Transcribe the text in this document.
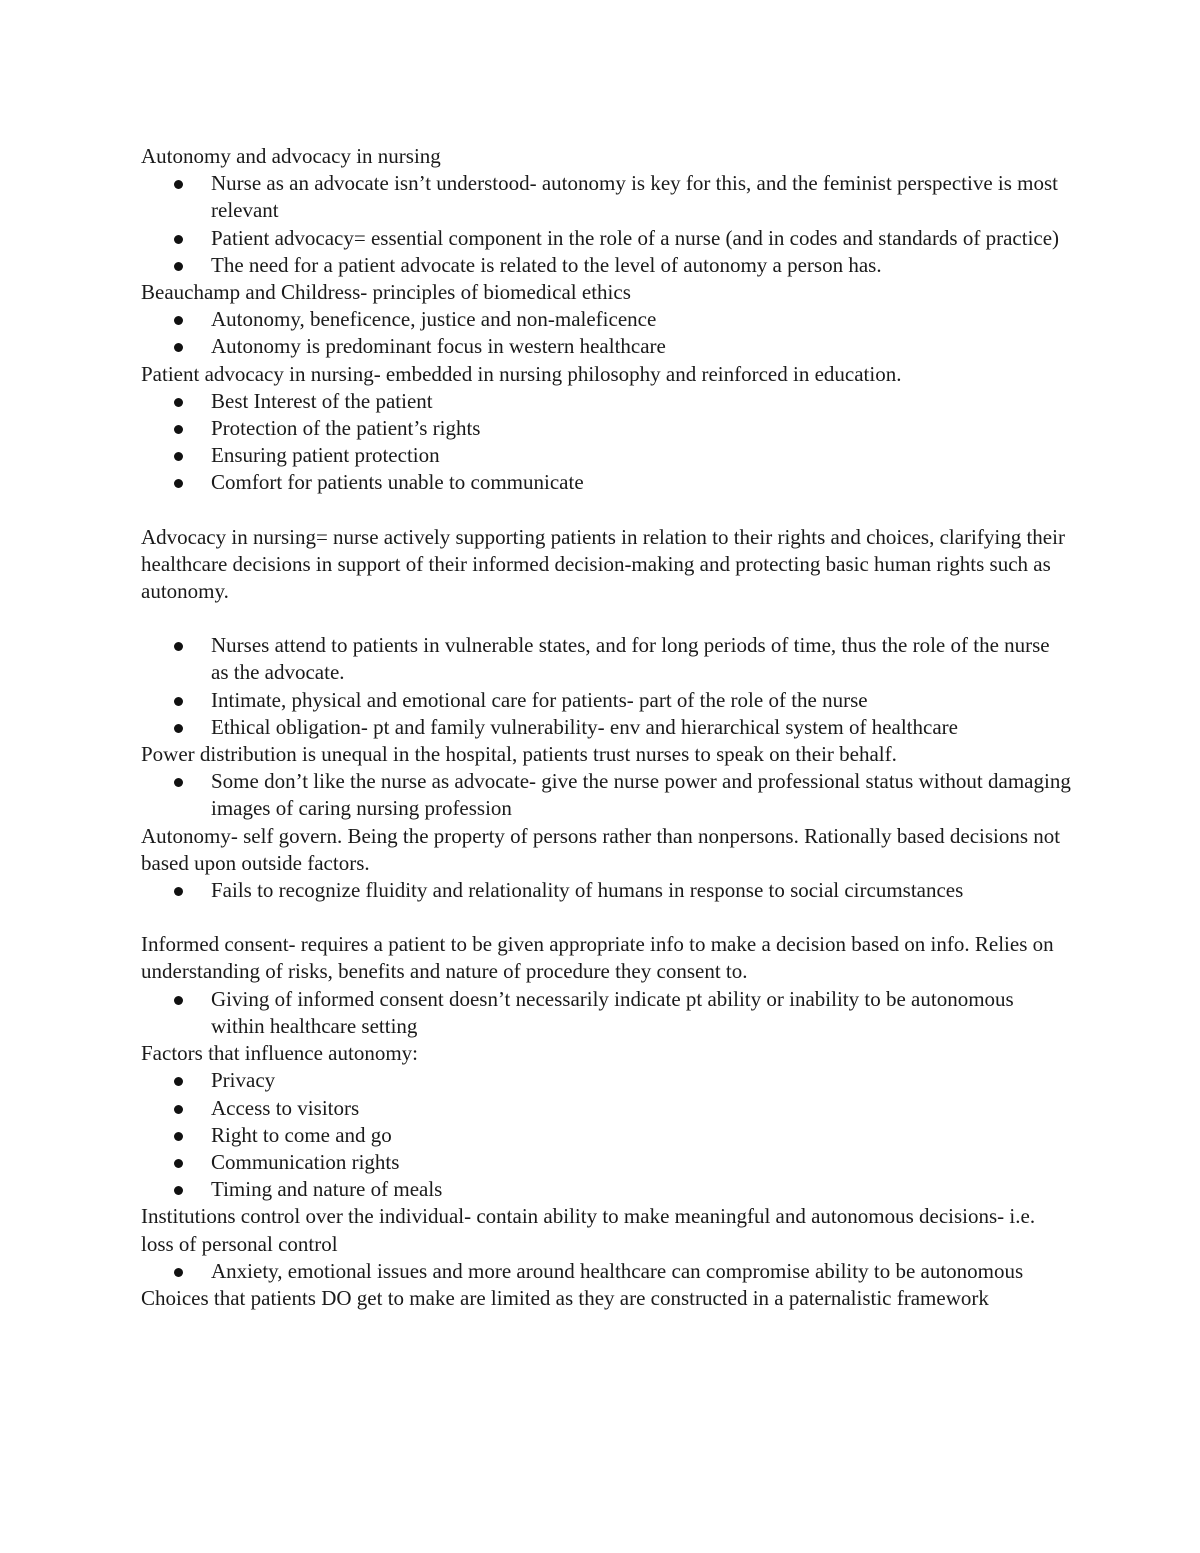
Autonomy and advocacy in nursing

Nurse as an advocate isn’t understood- autonomy is key for this, and the feminist perspective is most relevant
Patient advocacy= essential component in the role of a nurse (and in codes and standards of practice)
The need for a patient advocate is related to the level of autonomy a person has.

Beauchamp and Childress- principles of biomedical ethics

Autonomy, beneficence, justice and non-maleficence
Autonomy is predominant focus in western healthcare

Patient advocacy in nursing- embedded in nursing philosophy and reinforced in education.

Best Interest of the patient
Protection of the patient’s rights
Ensuring patient protection
Comfort for patients unable to communicate

Advocacy in nursing= nurse actively supporting patients in relation to their rights and choices, clarifying their healthcare decisions in support of their informed decision-making and protecting basic human rights such as autonomy.

Nurses attend to patients in vulnerable states, and for long periods of time, thus the role of the nurse as the advocate.
Intimate, physical and emotional care for patients- part of the role of the nurse
Ethical obligation- pt and family vulnerability- env and hierarchical system of healthcare

Power distribution is unequal in the hospital, patients trust nurses to speak on their behalf.

Some don’t like the nurse as advocate- give the nurse power and professional status without damaging images of caring nursing profession

Autonomy- self govern. Being the property of persons rather than nonpersons. Rationally based decisions not based upon outside factors.

Fails to recognize fluidity and relationality of humans in response to social circumstances

Informed consent- requires a patient to be given appropriate info to make a decision based on info. Relies on understanding of risks, benefits and nature of procedure they consent to.

Giving of informed consent doesn’t necessarily indicate pt ability or inability to be autonomous within healthcare setting

Factors that influence autonomy:

Privacy
Access to visitors
Right to come and go
Communication rights
Timing and nature of meals

Institutions control over the individual- contain ability to make meaningful and autonomous decisions- i.e. loss of personal control

Anxiety, emotional issues and more around healthcare can compromise ability to be autonomous

Choices that patients DO get to make are limited as they are constructed in a paternalistic framework
